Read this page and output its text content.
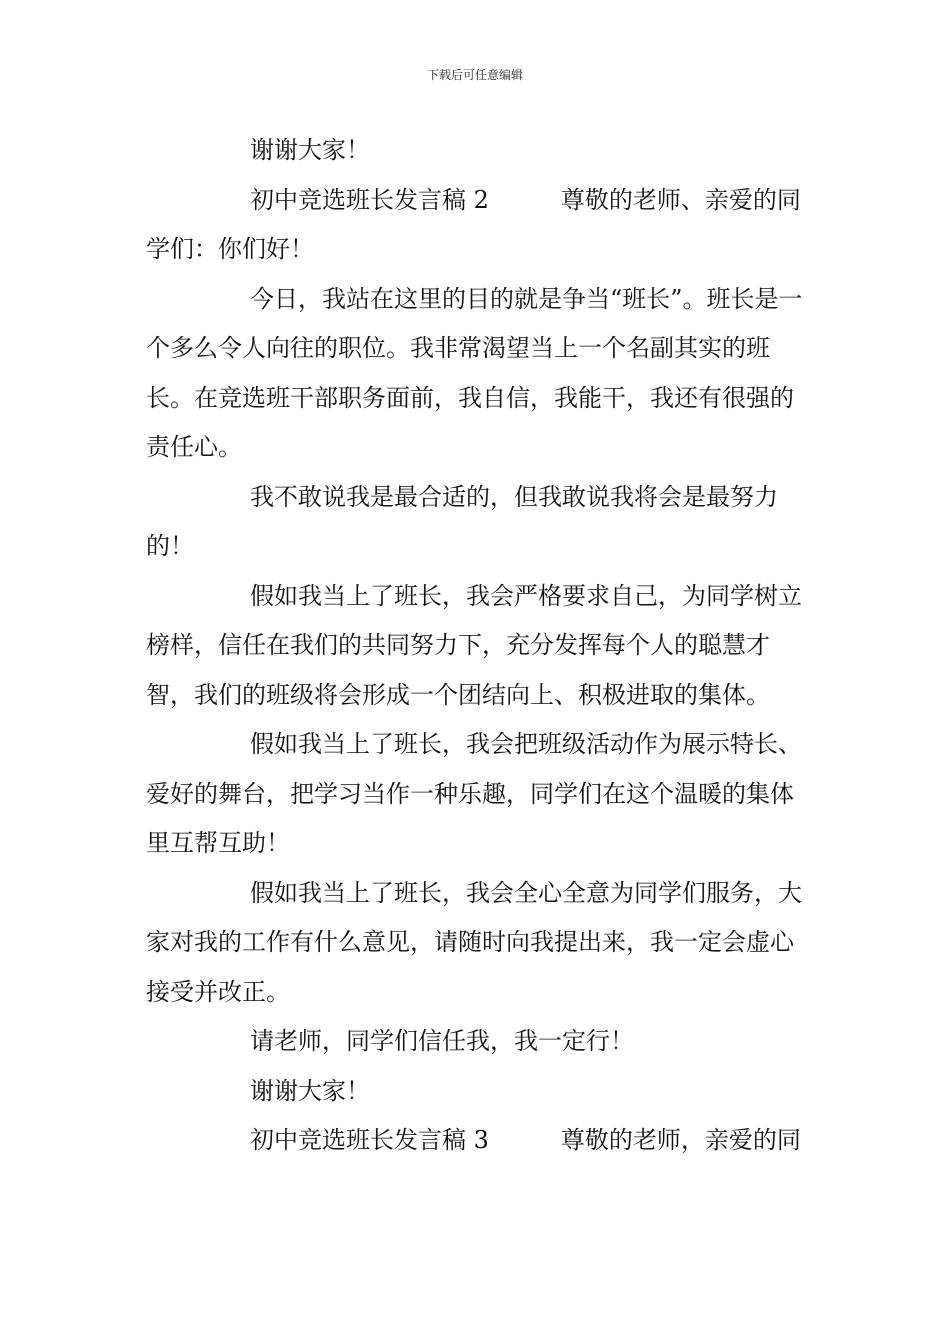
下载后可任意编辑

谢谢大家！

初中竞选班长发言稿 2　　　尊敬的老师、亲爱的同学们：你们好！

今日，我站在这里的目的就是争当“班长”。班长是一个多么令人向往的职位。我非常渴望当上一个名副其实的班长。在竞选班干部职务面前，我自信，我能干，我还有很强的责任心。

我不敢说我是最合适的，但我敢说我将会是最努力的！

假如我当上了班长，我会严格要求自己，为同学树立榜样，信任在我们的共同努力下，充分发挥每个人的聪慧才智，我们的班级将会形成一个团结向上、积极进取的集体。

假如我当上了班长，我会把班级活动作为展示特长、爱好的舞台，把学习当作一种乐趣，同学们在这个温暖的集体里互帮互助！

假如我当上了班长，我会全心全意为同学们服务，大家对我的工作有什么意见，请随时向我提出来，我一定会虚心接受并改正。

请老师，同学们信任我，我一定行！

谢谢大家！

初中竞选班长发言稿 3　　　尊敬的老师，亲爱的同
